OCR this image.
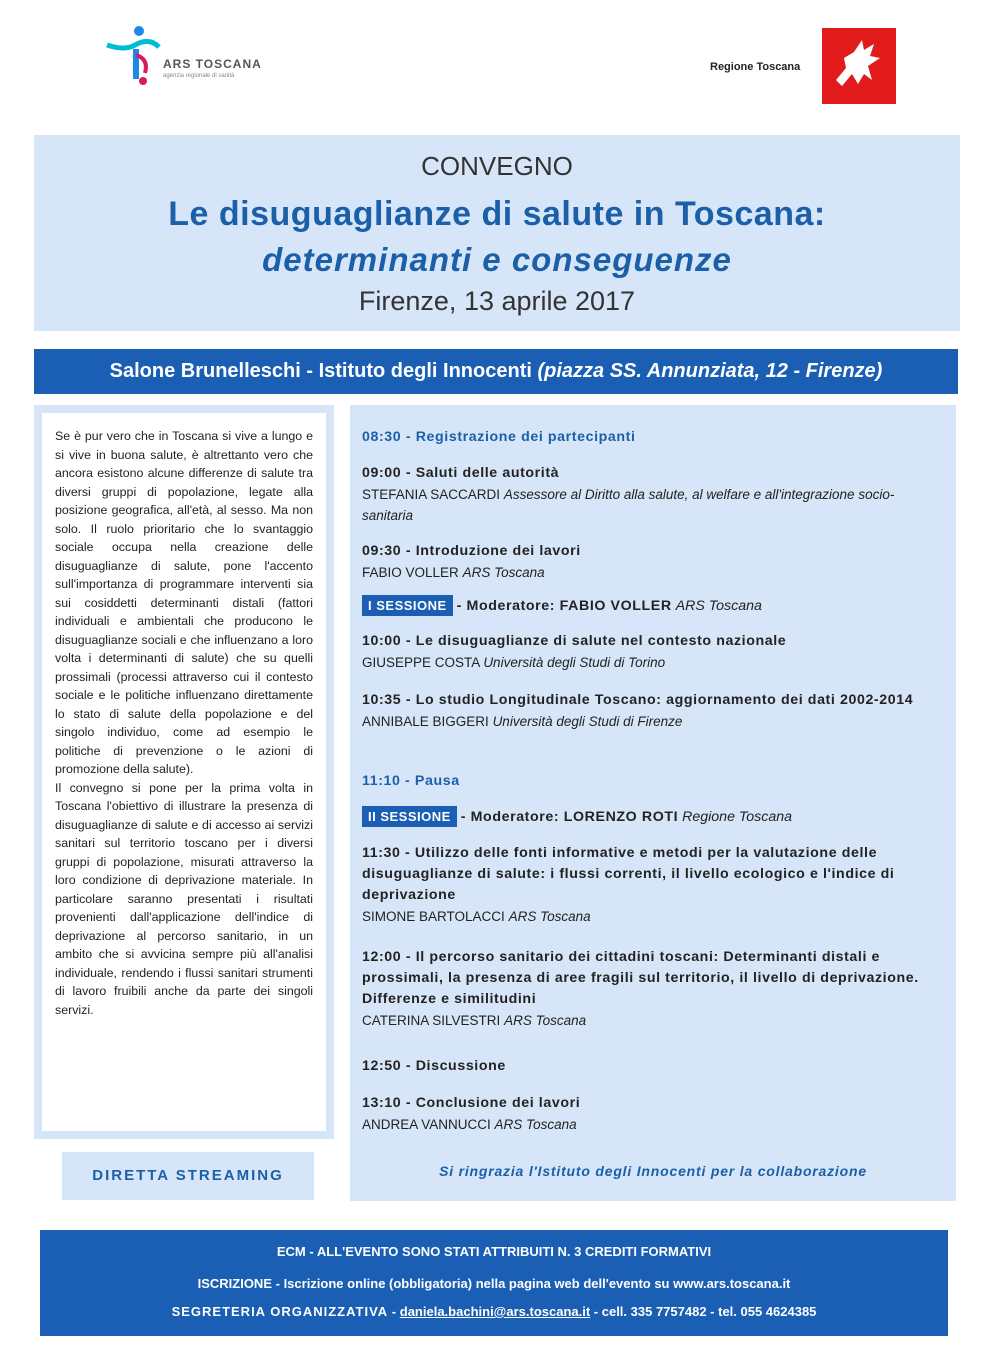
ARS TOSCANA
agenzia regionale di sanità
Regione Toscana
CONVEGNO
Le disuguaglianze di salute in Toscana:
determinanti e conseguenze
Firenze, 13 aprile 2017
Salone Brunelleschi - Istituto degli Innocenti (piazza SS. Annunziata, 12 - Firenze)

Se è pur vero che in Toscana si vive a lungo e si vive in buona salute, è altrettanto vero che ancora esistono alcune differenze di salute tra diversi gruppi di popolazione, legate alla posizione geografica, all'età, al sesso. Ma non solo. Il ruolo prioritario che lo svantaggio sociale occupa nella creazione delle disuguaglianze di salute, pone l'accento sull'importanza di programmare interventi sia sui cosiddetti determinanti distali (fattori individuali e ambientali che producono le disuguaglianze sociali e che influenzano a loro volta i determinanti di salute) che su quelli prossimali (processi attraverso cui il contesto sociale e le politiche influenzano direttamente lo stato di salute della popolazione e del singolo individuo, come ad esempio le politiche di prevenzione o le azioni di promozione della salute).

Il convegno si pone per la prima volta in Toscana l'obiettivo di illustrare la presenza di disuguaglianze di salute e di accesso ai servizi sanitari sul territorio toscano per i diversi gruppi di popolazione, misurati attraverso la loro condizione di deprivazione materiale. In particolare saranno presentati i risultati provenienti dall'applicazione dell'indice di deprivazione al percorso sanitario, in un ambito che si avvicina sempre più all'analisi individuale, rendendo i flussi sanitari strumenti di lavoro fruibili anche da parte dei singoli servizi.

DIRETTA STREAMING
08:30 - Registrazione dei partecipanti
09:00 - Saluti delle autorità
STEFANIA SACCARDI Assessore al Diritto alla salute, al welfare e all'integrazione socio-sanitaria
09:30 - Introduzione dei lavori
FABIO VOLLER ARS Toscana
I SESSIONE - Moderatore: FABIO VOLLER ARS Toscana
10:00 - Le disuguaglianze di salute nel contesto nazionale
GIUSEPPE COSTA Università degli Studi di Torino
10:35 - Lo studio Longitudinale Toscano: aggiornamento dei dati 2002-2014
ANNIBALE BIGGERI Università degli Studi di Firenze
11:10 - Pausa
II SESSIONE - Moderatore: LORENZO ROTI Regione Toscana
11:30 - Utilizzo delle fonti informative e metodi per la valutazione delle disuguaglianze di salute: i flussi correnti, il livello ecologico e l'indice di deprivazione
SIMONE BARTOLACCI ARS Toscana
12:00 - Il percorso sanitario dei cittadini toscani: Determinanti distali e prossimali, la presenza di aree fragili sul territorio, il livello di deprivazione. Differenze e similitudini
CATERINA SILVESTRI ARS Toscana
12:50 - Discussione
13:10 - Conclusione dei lavori
ANDREA VANNUCCI ARS Toscana
Si ringrazia l'Istituto degli Innocenti per la collaborazione
ECM - ALL'EVENTO SONO STATI ATTRIBUITI N. 3 CREDITI FORMATIVI
ISCRIZIONE - Iscrizione online (obbligatoria) nella pagina web dell'evento su www.ars.toscana.it
SEGRETERIA ORGANIZZATIVA - daniela.bachini@ars.toscana.it - cell. 335 7757482 - tel. 055 4624385
